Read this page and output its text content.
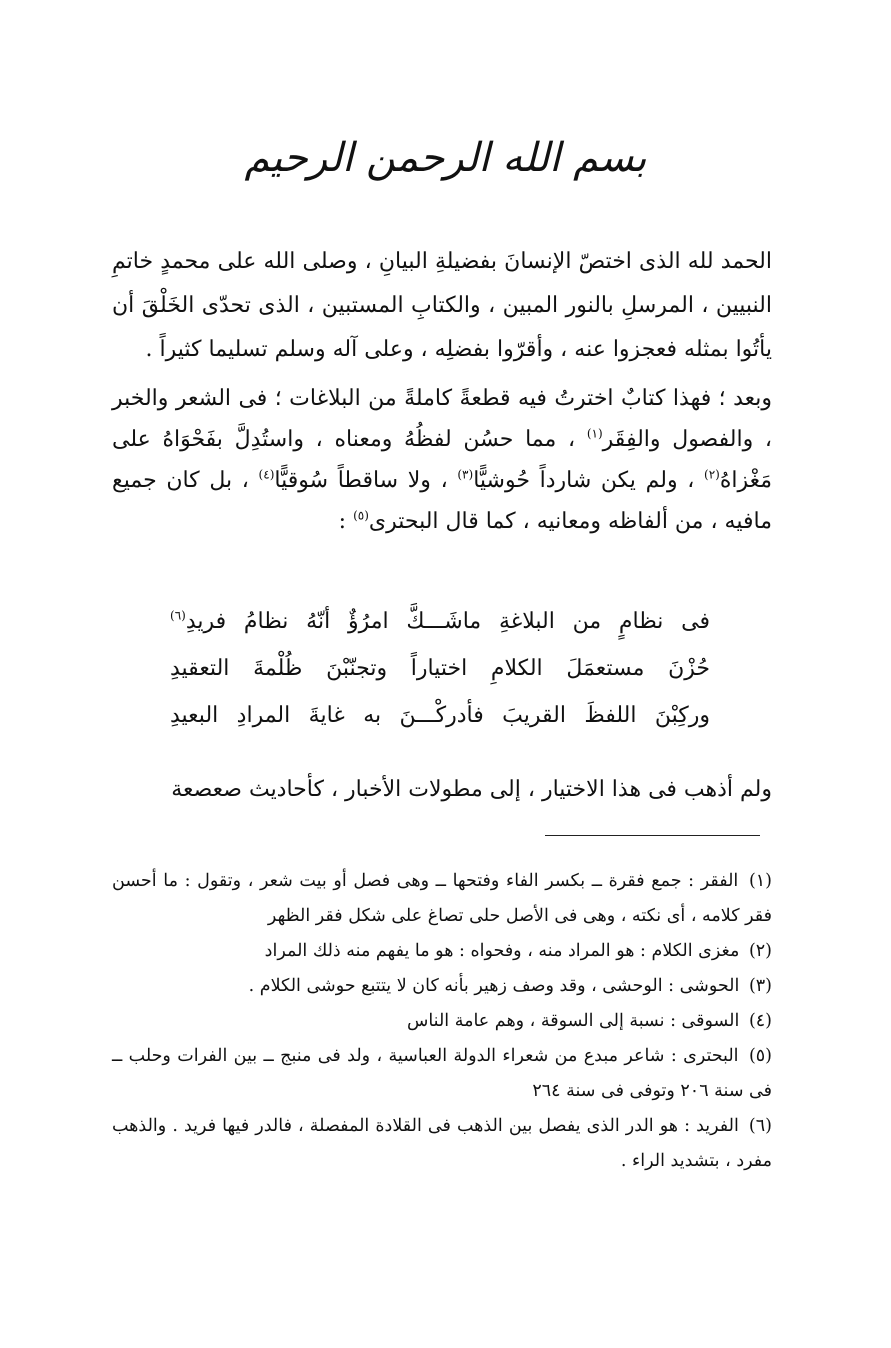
بسم الله الرحمن الرحيم

الحمد لله الذى اختصّ الإنسانَ بفضيلةِ البيانِ ، وصلى الله على محمدٍ خاتمِ النبيين ، المرسلِ بالنور المبين ، والكتابِ المستبين ، الذى تحدّى الخَلْقَ أن يأتُوا بمثله فعجزوا عنه ، وأقرّوا بفضلِه ، وعلى آله وسلم تسليما كثيراً .

وبعد ؛ فهذا كتابٌ اخترتُ فيه قطعةً كاملةً من البلاغات ؛ فى الشعر والخبر ، والفصول والفِقَر$^{(١)}$ ، مما حسُن لفظُهُ ومعناه ، واستُدِلَّ بفَحْوَاهُ على مَغْزاهُ$^{(٢)}$ ، ولم يكن شارداً حُوشيًّا$^{(٣)}$ ، ولا ساقطاً سُوقيًّا$^{(٤)}$ ، بل كان جميع مافيه ، من ألفاظه ومعانيه ، كما قال البحترى$^{(٥)}$ :

فى نظامٍ من البلاغةِ ماشَـــكَّ امرُؤٌ أنّهُ نظامُ فريدِ$^{(٦)}$
حُزْنَ مستعمَلَ الكلامِ اختياراً وتجنّبْنَ ظُلْمةَ التعقيدِ
وركِبْنَ اللفظَ القريبَ فأدركْـــنَ به غايةَ المرادِ البعيدِ

ولم أذهب فى هذا الاختيار ، إلى مطولات الأخبار ، كأحاديث صعصعة

(١) الفقر : جمع فقرة ــ بكسر الفاء وفتحها ــ وهى فصل أو بيت شعر ، وتقول : ما أحسن فقر كلامه ، أى نكته ، وهى فى الأصل حلى تصاغ على شكل فقر الظهر

(٢) مغزى الكلام : هو المراد منه ، وفحواه : هو ما يفهم منه ذلك المراد

(٣) الحوشى : الوحشى ، وقد وصف زهير بأنه كان لا يتتبع حوشى الكلام .

(٤) السوقى : نسبة إلى السوقة ، وهم عامة الناس

(٥) البحترى : شاعر مبدع من شعراء الدولة العباسية ، ولد فى منبج ــ بين الفرات وحلب ــ فى سنة ٢٠٦ وتوفى فى سنة ٢٦٤

(٦) الفريد : هو الدر الذى يفصل بين الذهب فى القلادة المفصلة ، فالدر فيها فريد . والذهب مفرد ، بتشديد الراء .
